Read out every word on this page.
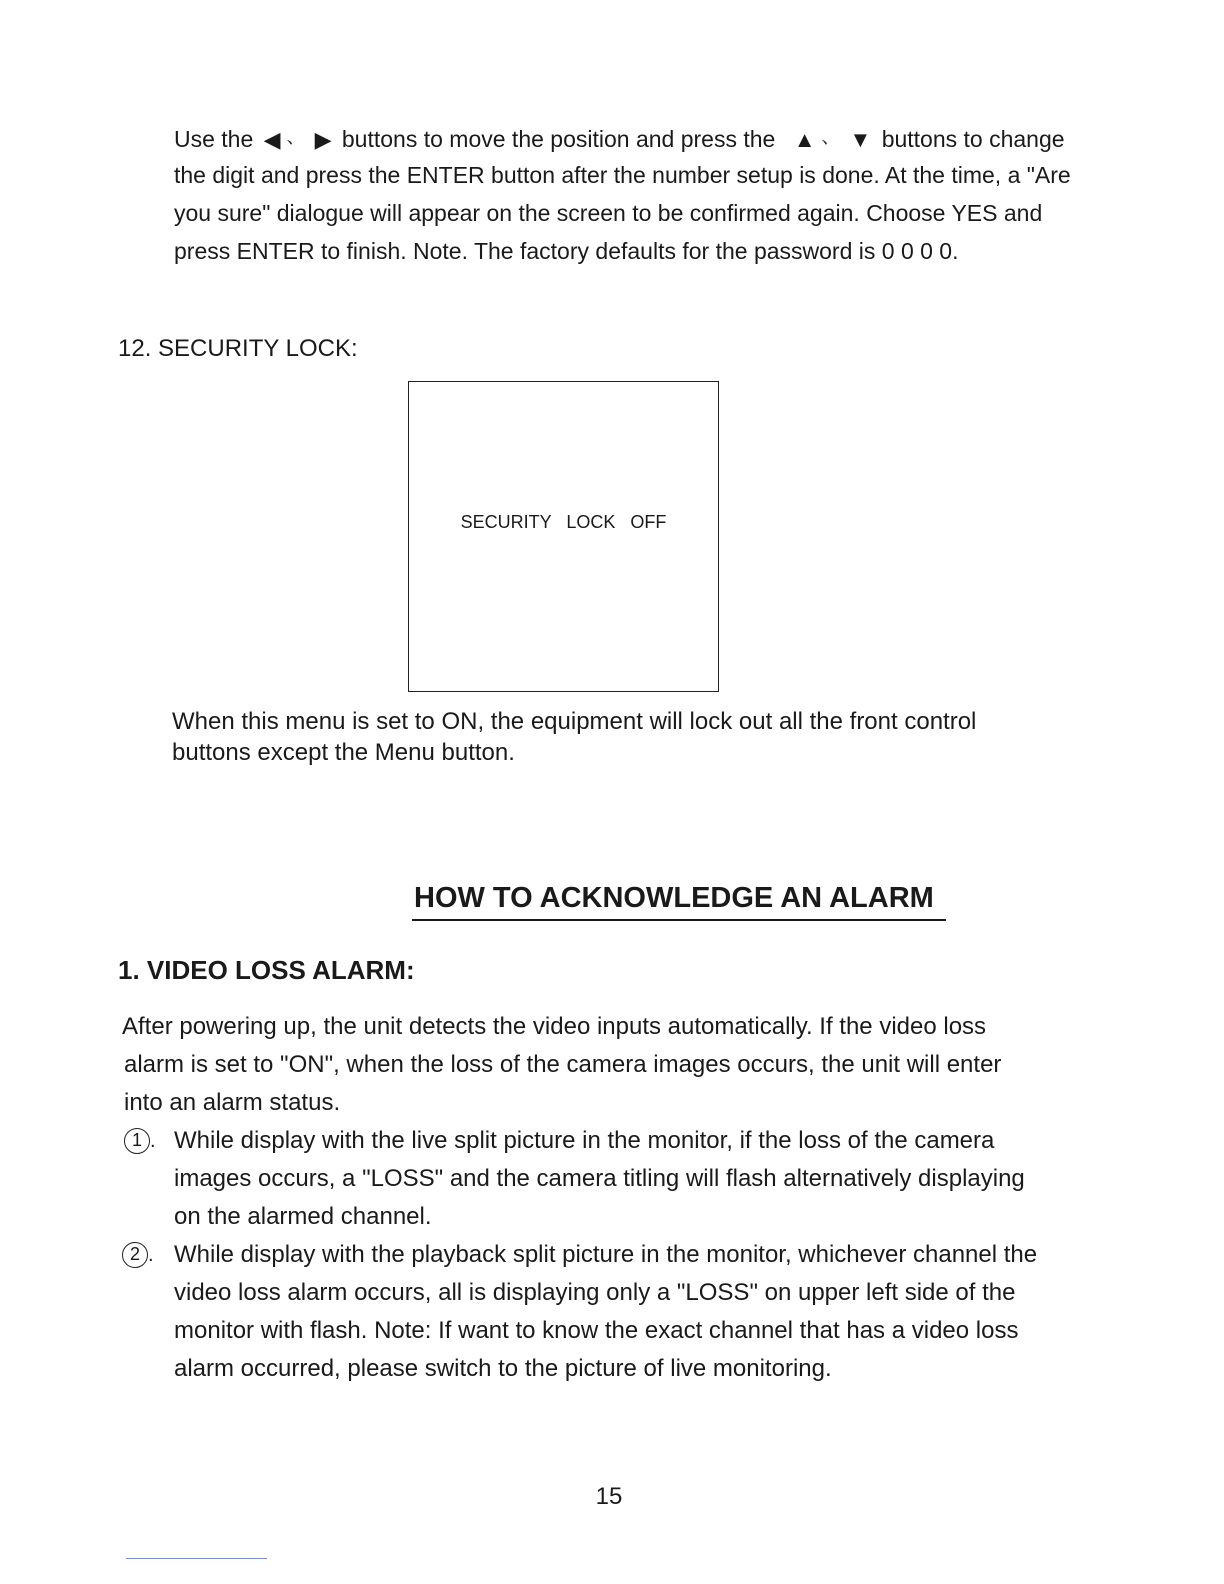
Use the ◀ 、 ▶ buttons to move the position and press the ▲ 、 ▼ buttons to change
the digit and press the ENTER button after the number setup is done. At the time, a "Are
you sure" dialogue will appear on the screen to be confirmed again. Choose YES and
press ENTER to finish. Note. The factory defaults for the password is 0 0 0 0.
12. SECURITY LOCK:
SECURITY   LOCK   OFF
When this menu is set to ON, the equipment will lock out all the front control
buttons except the Menu button.
HOW TO ACKNOWLEDGE AN ALARM
1. VIDEO LOSS ALARM:
After powering up, the unit detects the video inputs automatically. If the video loss
alarm is set to "ON", when the loss of the camera images occurs, the unit will enter
into an alarm status.
1 . While display with the live split picture in the monitor, if the loss of the camera
images occurs, a "LOSS" and the camera titling will flash alternatively displaying
on the alarmed channel.
2 . While display with the playback split picture in the monitor, whichever channel the
video loss alarm occurs, all is displaying only a "LOSS" on upper left side of the
monitor with flash. Note: If want to know the exact channel that has a video loss
alarm occurred, please switch to the picture of live monitoring.
15
